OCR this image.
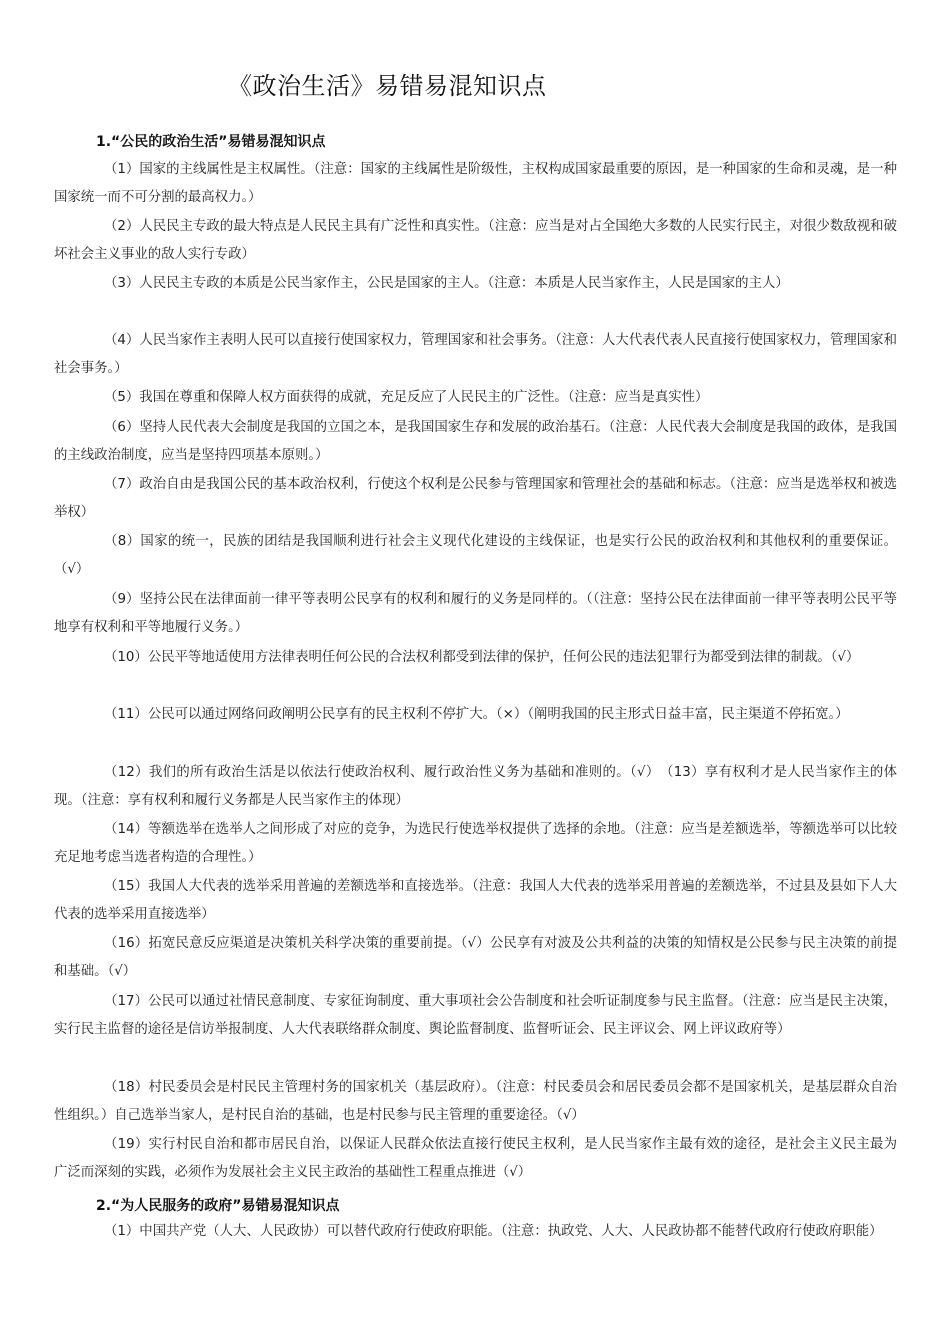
《政治生活》易错易混知识点
1.“公民的政治生活”易错易混知识点

（1）国家的主线属性是主权属性。（注意：国家的主线属性是阶级性，主权构成国家最重要的原因，是一种国家的生命和灵魂，是一种国家统一而不可分割的最高权力。）

（2）人民民主专政的最大特点是人民民主具有广泛性和真实性。（注意：应当是对占全国绝大多数的人民实行民主，对很少数敌视和破坏社会主义事业的敌人实行专政）

（3）人民民主专政的本质是公民当家作主，公民是国家的主人。（注意：本质是人民当家作主，人民是国家的主人）

（4）人民当家作主表明人民可以直接行使国家权力，管理国家和社会事务。（注意：人大代表代表人民直接行使国家权力，管理国家和社会事务。）

（5）我国在尊重和保障人权方面获得的成就，充足反应了人民民主的广泛性。（注意：应当是真实性）

（6）坚持人民代表大会制度是我国的立国之本，是我国国家生存和发展的政治基石。（注意：人民代表大会制度是我国的政体，是我国的主线政治制度，应当是坚持四项基本原则。）

（7）政治自由是我国公民的基本政治权利，行使这个权利是公民参与管理国家和管理社会的基础和标志。（注意：应当是选举权和被选举权）

（8）国家的统一，民族的团结是我国顺利进行社会主义现代化建设的主线保证，也是实行公民的政治权利和其他权利的重要保证。（√）

（9）坚持公民在法律面前一律平等表明公民享有的权利和履行的义务是同样的。（（注意：坚持公民在法律面前一律平等表明公民平等地享有权利和平等地履行义务。）

（10）公民平等地适使用方法律表明任何公民的合法权利都受到法律的保护，任何公民的违法犯罪行为都受到法律的制裁。（√）

（11）公民可以通过网络问政阐明公民享有的民主权利不停扩大。（×）（阐明我国的民主形式日益丰富，民主渠道不停拓宽。）

（12）我们的所有政治生活是以依法行使政治权利、履行政治性义务为基础和准则的。（√）　（13）享有权利才是人民当家作主的体现。（注意：享有权利和履行义务都是人民当家作主的体现）

（14）等额选举在选举人之间形成了对应的竞争，为选民行使选举权提供了选择的余地。（注意：应当是差额选举，等额选举可以比较充足地考虑当选者构造的合理性。）

（15）我国人大代表的选举采用普遍的差额选举和直接选举。（注意：我国人大代表的选举采用普遍的差额选举，不过县及县如下人大代表的选举采用直接选举）

（16）拓宽民意反应渠道是决策机关科学决策的重要前提。（√）公民享有对波及公共利益的决策的知情权是公民参与民主决策的前提和基础。（√）

（17）公民可以通过社情民意制度、专家征询制度、重大事项社会公告制度和社会听证制度参与民主监督。（注意：应当是民主决策，实行民主监督的途径是信访举报制度、人大代表联络群众制度、舆论监督制度、监督听证会、民主评议会、网上评议政府等）

（18）村民委员会是村民民主管理村务的国家机关（基层政府）。（注意：村民委员会和居民委员会都不是国家机关，是基层群众自治性组织。）自己选举当家人，是村民自治的基础，也是村民参与民主管理的重要途径。（√）

（19）实行村民自治和都市居民自治，以保证人民群众依法直接行使民主权利，是人民当家作主最有效的途径，是社会主义民主最为广泛而深刻的实践，必须作为发展社会主义民主政治的基础性工程重点推进（√）

2.“为人民服务的政府”易错易混知识点

（1）中国共产党（人大、人民政协）可以替代政府行使政府职能。（注意：执政党、人大、人民政协都不能替代政府行使政府职能）
